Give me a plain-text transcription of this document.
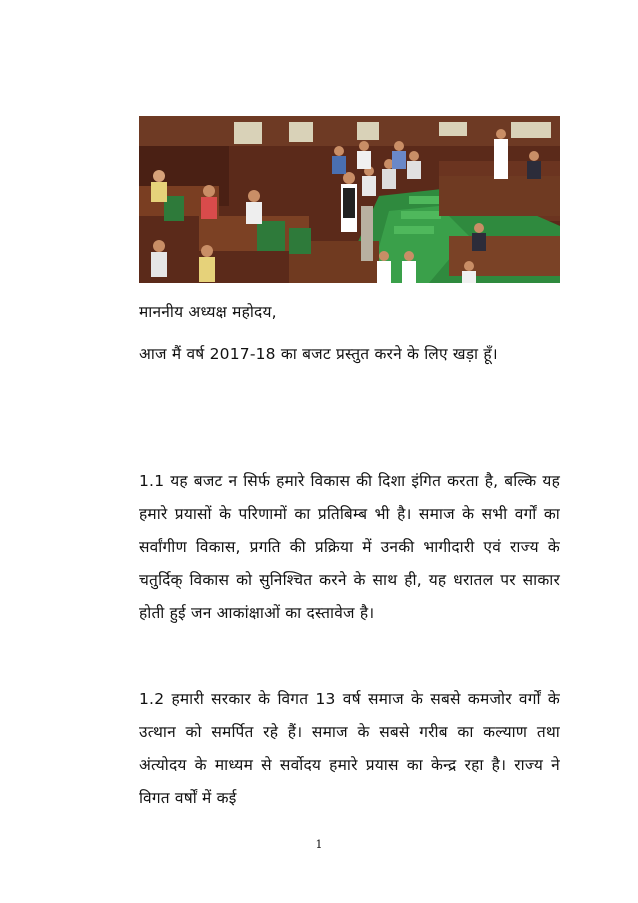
माननीय अध्यक्ष महोदय,

आज मैं वर्ष 2017-18 का बजट प्रस्तुत करने के लिए खड़ा हूँ।

1.1 यह बजट न सिर्फ हमारे विकास की दिशा इंगित करता है, बल्कि यह हमारे प्रयासों के परिणामों का प्रतिबिम्ब भी है। समाज के सभी वर्गों का सर्वांगीण विकास, प्रगति की प्रक्रिया में उनकी भागीदारी एवं राज्य के चतुर्दिक् विकास को सुनिश्चित करने के साथ ही, यह धरातल पर साकार होती हुई जन आकांक्षाओं का दस्तावेज है।

1.2 हमारी सरकार के विगत 13 वर्ष समाज के सबसे कमजोर वर्गों के उत्थान को समर्पित रहे हैं। समाज के सबसे गरीब का कल्याण तथा अंत्योदय के माध्यम से सर्वोदय हमारे प्रयास का केन्द्र रहा है। राज्य ने विगत वर्षों में कई

1
